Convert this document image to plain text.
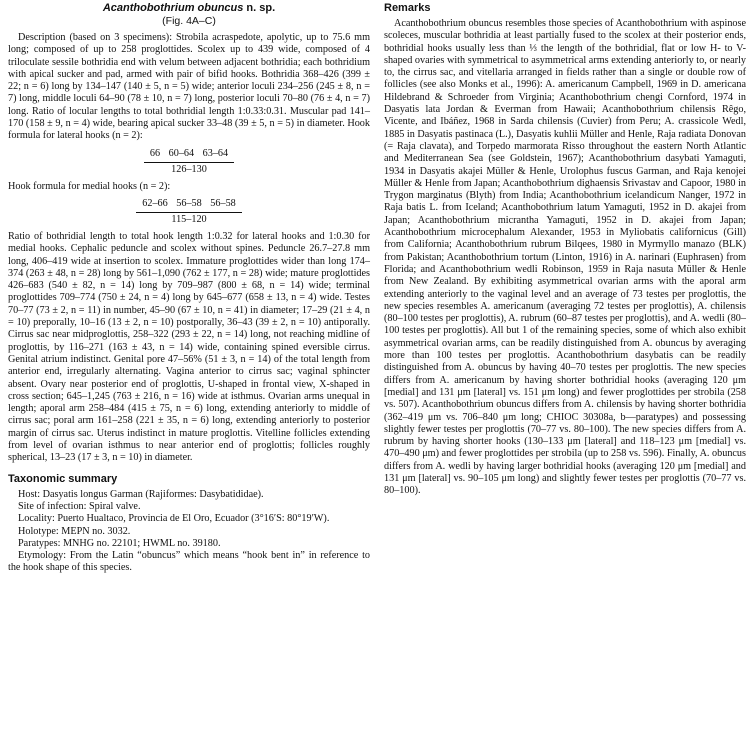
Acanthobothrium obuncus n. sp.
(Fig. 4A–C)

Description (based on 3 specimens): Strobila acraspedote, apolytic, up to 75.6 mm long; composed of up to 258 proglottides. Scolex up to 439 wide, composed of 4 triloculate sessile bothridia end with velum between adjacent bothridia; each bothridium with apical sucker and pad, armed with pair of bifid hooks. Bothridia 368–426 (399 ± 22; n = 6) long by 134–147 (140 ± 5, n = 5) wide; anterior loculi 234–256 (245 ± 8, n = 7) long, middle loculi 64–90 (78 ± 10, n = 7) long, posterior loculi 70–80 (76 ± 4, n = 7) long. Ratio of locular lengths to total bothridial length 1:0.33:0.31. Muscular pad 141–170 (158 ± 9, n = 4) wide, bearing apical sucker 33–48 (39 ± 5, n = 5) in diameter. Hook formula for lateral hooks (n = 2):

66 60–64 63–64
126–130

Hook formula for medial hooks (n = 2):

62–66 56–58 56–58
115–120

Ratio of bothridial length to total hook length 1:0.32 for lateral hooks and 1:0.30 for medial hooks. Cephalic peduncle and scolex without spines. Peduncle 26.7–27.8 mm long, 406–419 wide at insertion to scolex. Immature proglottides wider than long 174–374 (263 ± 48, n = 28) long by 561–1,090 (762 ± 177, n = 28) wide; mature proglottides 426–683 (540 ± 82, n = 14) long by 709–987 (800 ± 68, n = 14) wide; terminal proglottides 709–774 (750 ± 24, n = 4) long by 645–677 (658 ± 13, n = 4) wide. Testes 70–77 (73 ± 2, n = 11) in number, 45–90 (67 ± 10, n = 41) in diameter; 17–29 (21 ± 4, n = 10) preporally, 10–16 (13 ± 2, n = 10) postporally, 36–43 (39 ± 2, n = 10) antiporally. Cirrus sac near midproglottis, 258–322 (293 ± 22, n = 14) long, not reaching midline of proglottis, by 116–271 (163 ± 43, n = 14) wide, containing spined eversible cirrus. Genital atrium indistinct. Genital pore 47–56% (51 ± 3, n = 14) of the total length from anterior end, irregularly alternating. Vagina anterior to cirrus sac; vaginal sphincter absent. Ovary near posterior end of proglottis, U-shaped in frontal view, X-shaped in cross section; 645–1,245 (763 ± 216, n = 16) wide at isthmus. Ovarian arms unequal in length; aporal arm 258–484 (415 ± 75, n = 6) long, extending anteriorly to middle of cirrus sac; poral arm 161–258 (221 ± 35, n = 6) long, extending anteriorly to posterior margin of cirrus sac. Uterus indistinct in mature proglottis. Vitelline follicles extending from level of ovarian isthmus to near anterior end of proglottis; follicles roughly spherical, 13–23 (17 ± 3, n = 10) in diameter.

Taxonomic summary

Host: Dasyatis longus Garman (Rajiformes: Dasybatididae).

Site of infection: Spiral valve.

Locality: Puerto Hualtaco, Provincia de El Oro, Ecuador (3°16′S: 80°19′W).

Holotype: MEPN no. 3032.

Paratypes: MNHG no. 22101; HWML no. 39180.

Etymology: From the Latin “obuncus” which means “hook bent in” in reference to the hook shape of this species.

Remarks

Acanthobothrium obuncus resembles those species of Acanthobothrium with aspinose scoleces, muscular bothridia at least partially fused to the scolex at their posterior ends, bothridial hooks usually less than ⅓ the length of the bothridial, flat or low H- to V-shaped ovaries with symmetrical to asymmetrical arms extending anteriorly to, or nearly to, the cirrus sac, and vitellaria arranged in fields rather than a single or double row of follicles (see also Monks et al., 1996): A. americanum Campbell, 1969 in D. americana Hildebrand & Schroeder from Virginia; Acanthobothrium chengi Cornford, 1974 in Dasyatis lata Jordan & Everman from Hawaii; Acanthobothrium chilensis Rêgo, Vicente, and Ibáñez, 1968 in Sarda chilensis (Cuvier) from Peru; A. crassicole Wedl, 1885 in Dasyatis pastinaca (L.), Dasyatis kuhlii Müller and Henle, Raja radiata Donovan (= Raja clavata), and Torpedo marmorata Risso throughout the eastern North Atlantic and Mediterranean Sea (see Goldstein, 1967); Acanthobothrium dasybati Yamaguti, 1934 in Dasyatis akajei Müller & Henle, Urolophus fuscus Garman, and Raja kenojei Müller & Henle from Japan; Acanthobothrium dighaensis Srivastav and Capoor, 1980 in Trygon marginatus (Blyth) from India; Acanthobothrium icelandicum Nanger, 1972 in Raja batis L. from Iceland; Acanthobothrium latum Yamaguti, 1952 in D. akajei from Japan; Acanthobothrium micrantha Yamaguti, 1952 in D. akajei from Japan; Acanthobothrium microcephalum Alexander, 1953 in Myliobatis californicus (Gill) from California; Acanthobothrium rubrum Bilqees, 1980 in Myrmyllo manazo (BLK) from Pakistan; Acanthobothrium tortum (Linton, 1916) in A. narinari (Euphrasen) from Florida; and Acanthobothrium wedli Robinson, 1959 in Raja nasuta Müller & Henle from New Zealand. By exhibiting asymmetrical ovarian arms with the aporal arm extending anteriorly to the vaginal level and an average of 73 testes per proglottis, the new species resembles A. americanum (averaging 72 testes per proglottis), A. chilensis (80–100 testes per proglottis), A. rubrum (60–87 testes per proglottis), and A. wedli (80–100 testes per proglottis). All but 1 of the remaining species, some of which also exhibit asymmetrical ovarian arms, can be readily distinguished from A. obuncus by averaging more than 100 testes per proglottis. Acanthobothrium dasybatis can be readily distinguished from A. obuncus by having 40–70 testes per proglottis. The new species differs from A. americanum by having shorter bothridial hooks (averaging 120 μm [medial] and 131 μm [lateral] vs. 151 μm long) and fewer proglottides per strobila (258 vs. 507). Acanthobothrium obuncus differs from A. chilensis by having shorter bothridia (362–419 μm vs. 706–840 μm long; CHIOC 30308a, b—paratypes) and possessing slightly fewer testes per proglottis (70–77 vs. 80–100). The new species differs from A. rubrum by having shorter hooks (130–133 μm [lateral] and 118–123 μm [medial] vs. 470–490 μm) and fewer proglottides per strobila (up to 258 vs. 596). Finally, A. obuncus differs from A. wedli by having larger bothridial hooks (averaging 120 μm [medial] and 131 μm [lateral] vs. 90–105 μm long) and slightly fewer testes per proglottis (70–77 vs. 80–100).
